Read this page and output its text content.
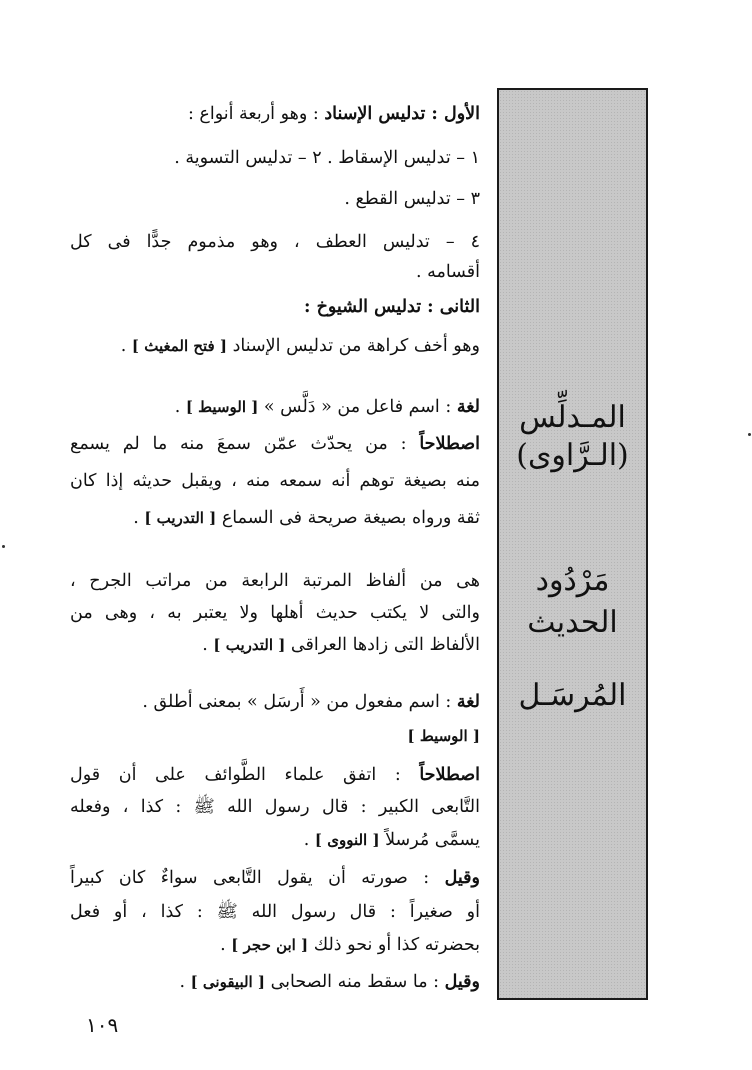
المـدلِّس
(الـرَّاوى)
مَرْدُود الحديث
المُرسَـل
الأول : تدليس الإسناد : وهو أربعة أنواع :
١ – تدليس الإسقاط . ٢ – تدليس التسوية .
٣ – تدليس القطع .
٤ – تدليس العطف ، وهو مذموم جدًّا فى كل
أقسامه .
الثانى : تدليس الشيوخ :
وهو أخف كراهة من تدليس الإسناد [ فتح المغيث ] .
لغة : اسم فاعل من « دَلَّس » [ الوسيط ] .
اصطلاحاً : من يحدّث عمّن سمعَ منه ما لم يسمع
منه بصيغة توهم أنه سمعه منه ، ويقبل حديثه إذا كان
ثقة ورواه بصيغة صريحة فى السماع [ التدريب ] .
هى من ألفاظ المرتبة الرابعة من مراتب الجرح ،
والتى لا يكتب حديث أهلها ولا يعتبر به ، وهى من
الألفاظ التى زادها العراقى [ التدريب ] .
لغة : اسم مفعول من « أَرسَل » بمعنى أطلق .
[ الوسيط ]
اصطلاحاً : اتفق علماء الطَّوائف على أن قول
التَّابعى الكبير : قال رسول الله ﷺ : كذا ، وفعله
يسمَّى مُرسلاً [ النووى ] .
وقيل : صورته أن يقول التَّابعى سواءٌ كان كبيراً
أو صغيراً : قال رسول الله ﷺ : كذا ، أو فعل
بحضرته كذا أو نحو ذلك [ ابن حجر ] .
وقيل : ما سقط منه الصحابى [ البيقونى ] .
١٠٩
